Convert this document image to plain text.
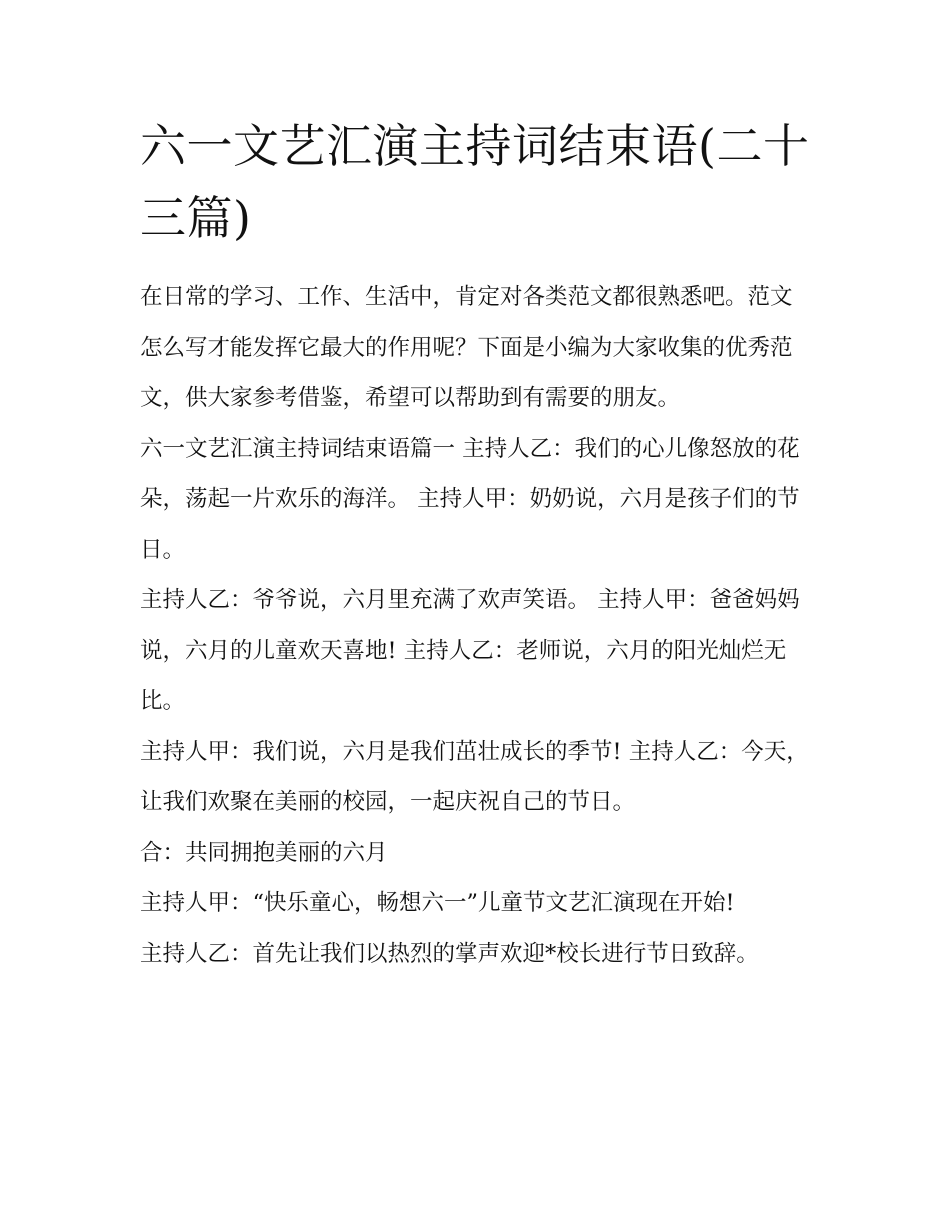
六一文艺汇演主持词结束语(二十三篇)

在日常的学习、工作、生活中，肯定对各类范文都很熟悉吧。范文怎么写才能发挥它最大的作用呢？下面是小编为大家收集的优秀范文，供大家参考借鉴，希望可以帮助到有需要的朋友。

六一文艺汇演主持词结束语篇一 主持人乙：我们的心儿像怒放的花朵，荡起一片欢乐的海洋。 主持人甲：奶奶说，六月是孩子们的节日。

主持人乙：爷爷说，六月里充满了欢声笑语。 主持人甲：爸爸妈妈说，六月的儿童欢天喜地! 主持人乙：老师说，六月的阳光灿烂无比。

主持人甲：我们说，六月是我们茁壮成长的季节! 主持人乙：今天，让我们欢聚在美丽的校园，一起庆祝自己的节日。

合：共同拥抱美丽的六月

主持人甲：“快乐童心，畅想六一”儿童节文艺汇演现在开始!

主持人乙：首先让我们以热烈的掌声欢迎*校长进行节日致辞。
